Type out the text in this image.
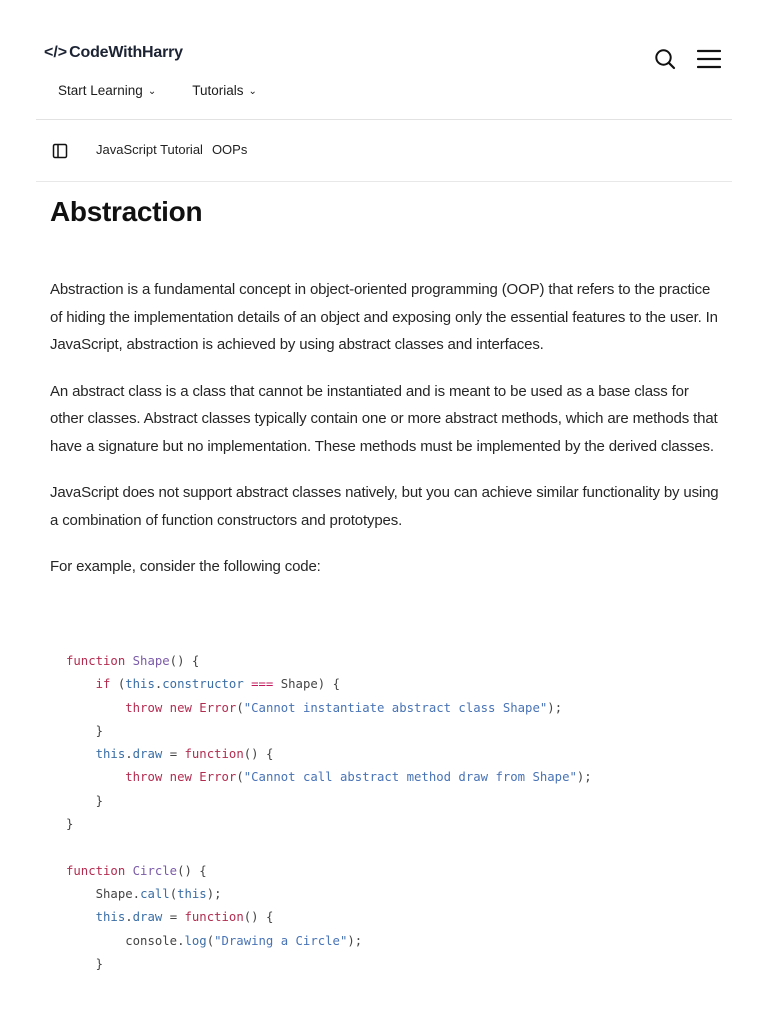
</> CodeWithHarry
Start Learning ⌄	Tutorials ⌄
JavaScript Tutorial OOPs
Abstraction

Abstraction is a fundamental concept in object-oriented programming (OOP) that refers to the practice of hiding the implementation details of an object and exposing only the essential features to the user. In JavaScript, abstraction is achieved by using abstract classes and interfaces.

An abstract class is a class that cannot be instantiated and is meant to be used as a base class for other classes. Abstract classes typically contain one or more abstract methods, which are methods that have a signature but no implementation. These methods must be implemented by the derived classes.

JavaScript does not support abstract classes natively, but you can achieve similar functionality by using a combination of function constructors and prototypes.

For example, consider the following code:

function Shape() {
if (this.constructor === Shape) {
throw new Error("Cannot instantiate abstract class Shape");
}
this.draw = function() {
throw new Error("Cannot call abstract method draw from Shape");
}
}

function Circle() {
Shape.call(this);
this.draw = function() {
console.log("Drawing a Circle");
}
